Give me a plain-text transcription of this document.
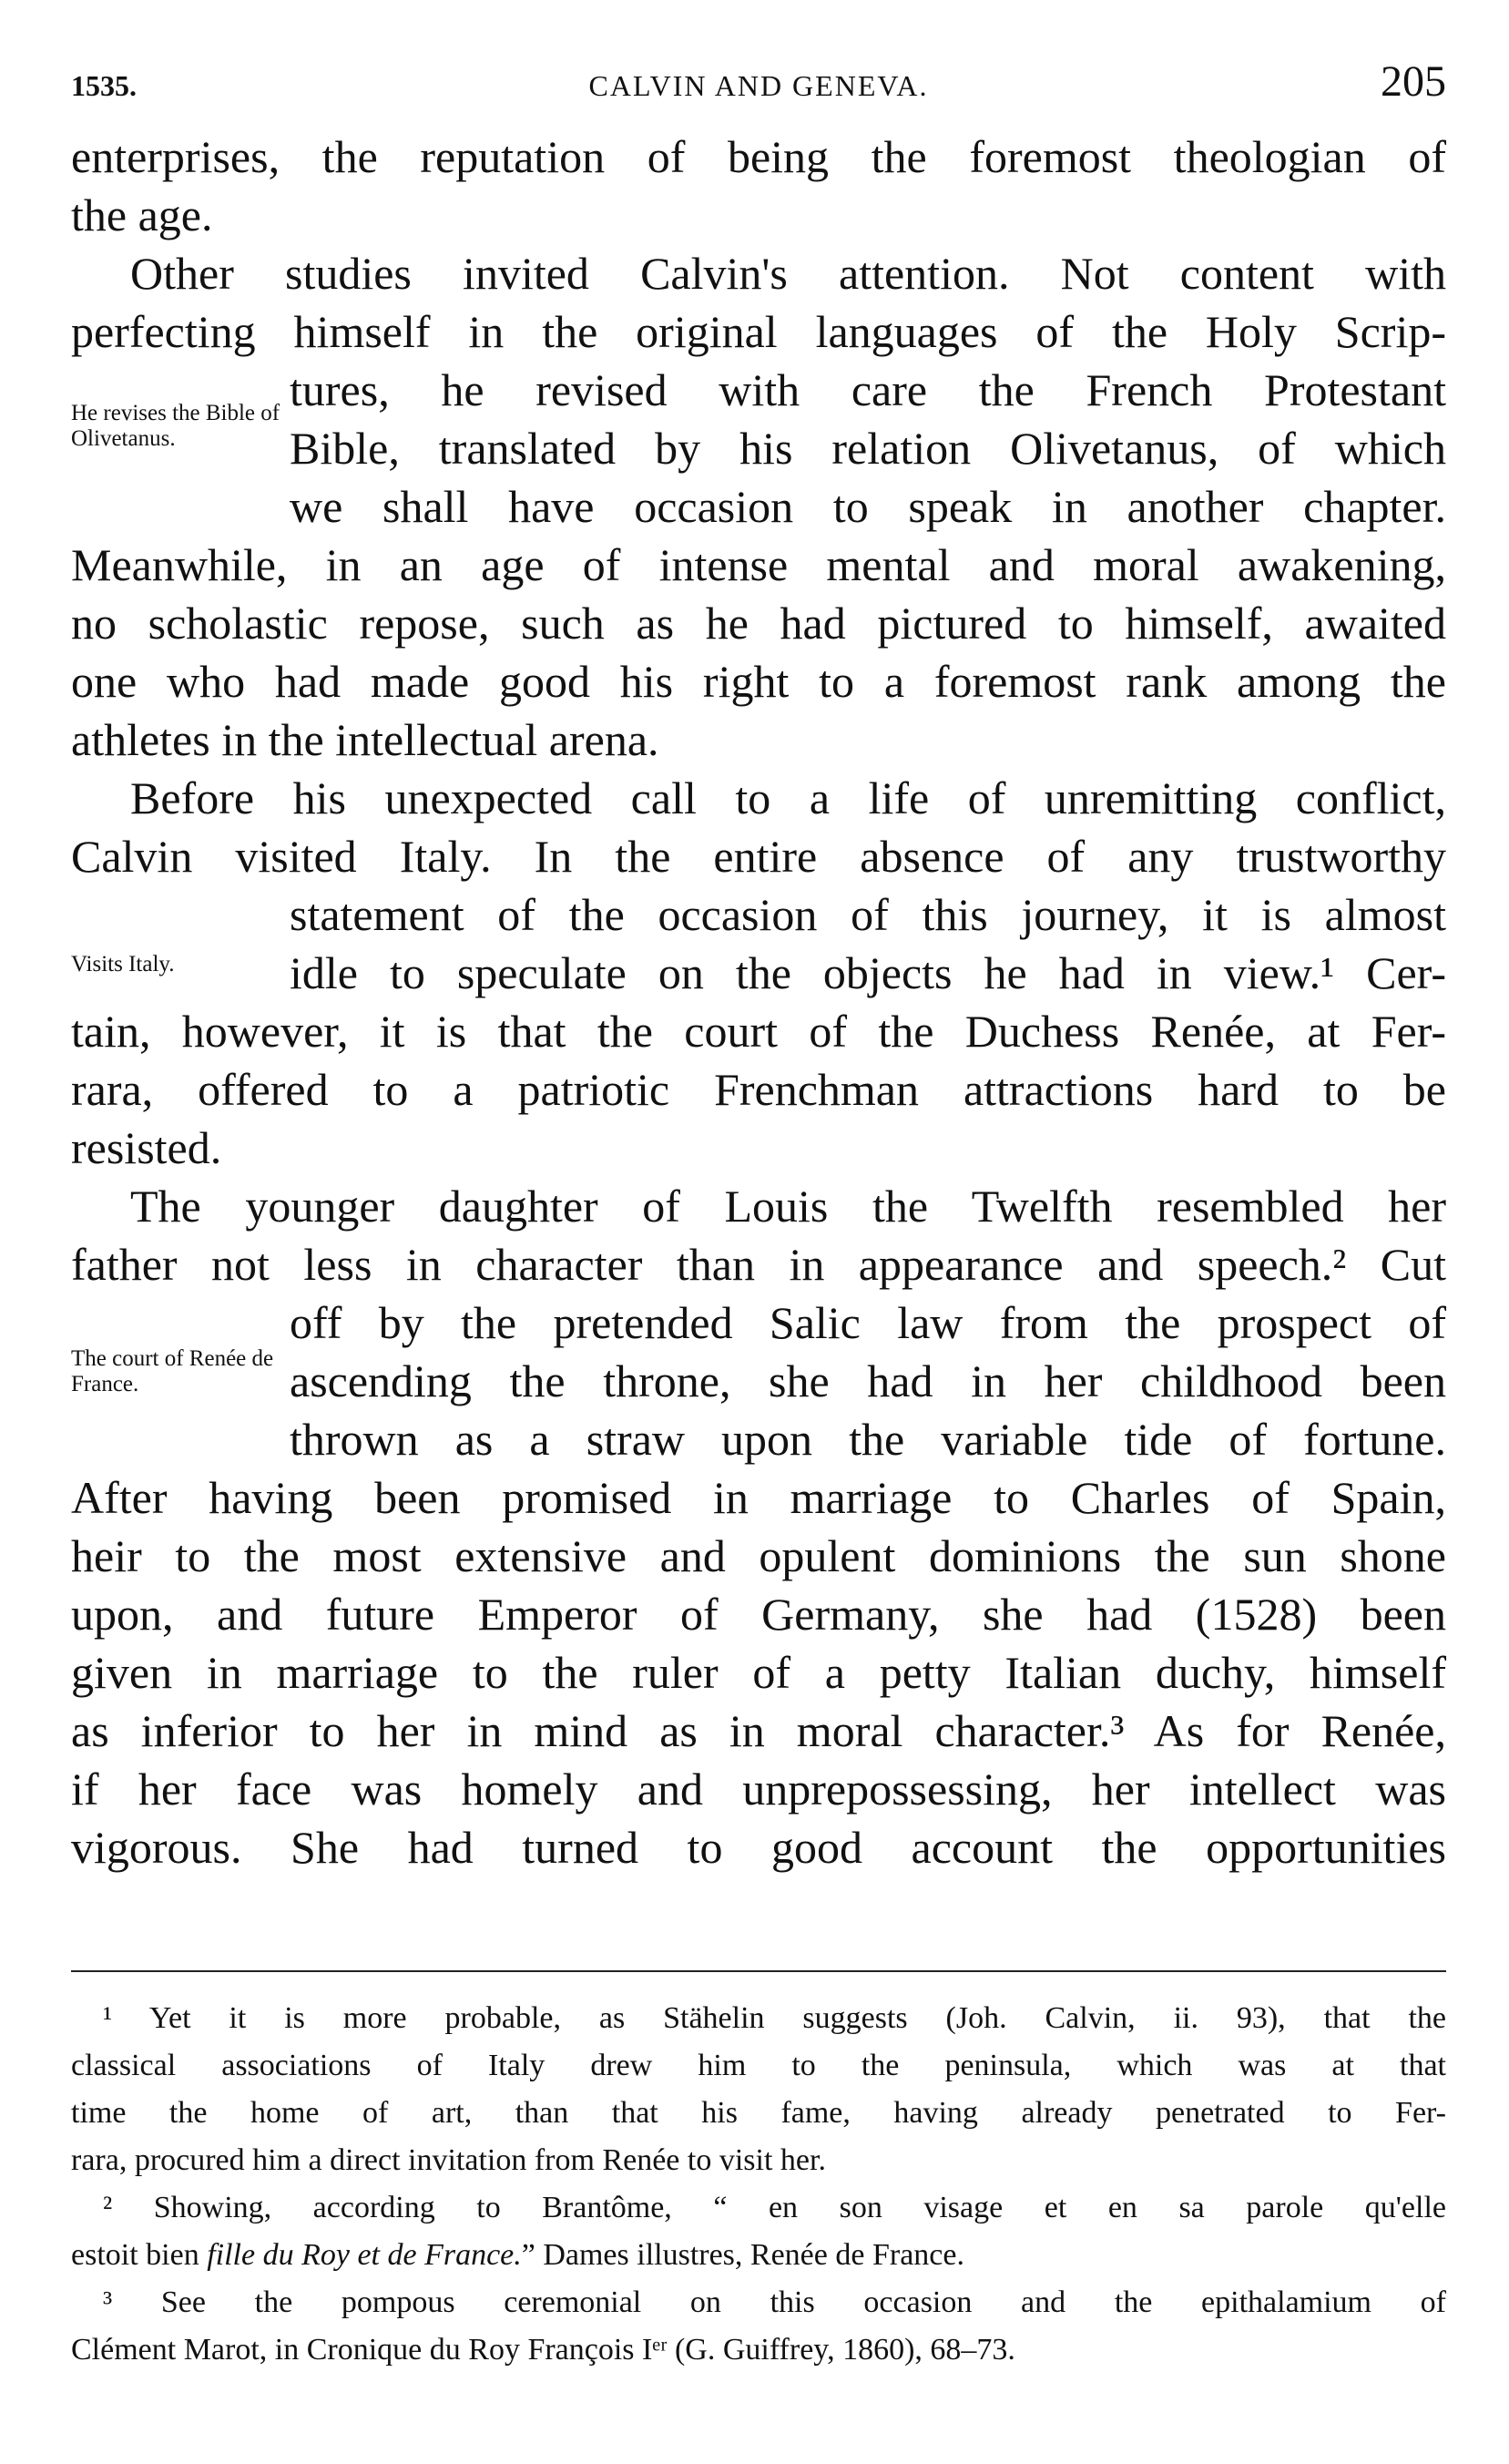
1535.	CALVIN AND GENEVA.	205
enterprises, the reputation of being the foremost theologian of
the age.
Other studies invited Calvin's attention. Not content with
perfecting himself in the original languages of the Holy Scrip-
tures, he revised with care the French Protestant
Bible, translated by his relation Olivetanus, of which
we shall have occasion to speak in another chapter.
Meanwhile, in an age of intense mental and moral awakening,
no scholastic repose, such as he had pictured to himself, awaited
one who had made good his right to a foremost rank among the
athletes in the intellectual arena.
Before his unexpected call to a life of unremitting conflict,
Calvin visited Italy. In the entire absence of any trustworthy
statement of the occasion of this journey, it is almost
idle to speculate on the objects he had in view.¹ Cer-
tain, however, it is that the court of the Duchess Renée, at Fer-
rara, offered to a patriotic Frenchman attractions hard to be
resisted.
The younger daughter of Louis the Twelfth resembled her
father not less in character than in appearance and speech.² Cut
off by the pretended Salic law from the prospect of
ascending the throne, she had in her childhood been
thrown as a straw upon the variable tide of fortune.
After having been promised in marriage to Charles of Spain,
heir to the most extensive and opulent dominions the sun shone
upon, and future Emperor of Germany, she had (1528) been
given in marriage to the ruler of a petty Italian duchy, himself
as inferior to her in mind as in moral character.³ As for Renée,
if her face was homely and unprepossessing, her intellect was
vigorous. She had turned to good account the opportunities
He revises the Bible of Olivetanus.
Visits Italy.
The court of Renée de France.
¹ Yet it is more probable, as Stähelin suggests (Joh. Calvin, ii. 93), that the
classical associations of Italy drew him to the peninsula, which was at that
time the home of art, than that his fame, having already penetrated to Fer-
rara, procured him a direct invitation from Renée to visit her.
² Showing, according to Brantôme, “ en son visage et en sa parole qu'elle
estoit bien fille du Roy et de France.” Dames illustres, Renée de France.
³ See the pompous ceremonial on this occasion and the epithalamium of
Clément Marot, in Cronique du Roy François Iᵉʳ (G. Guiffrey, 1860), 68–73.
